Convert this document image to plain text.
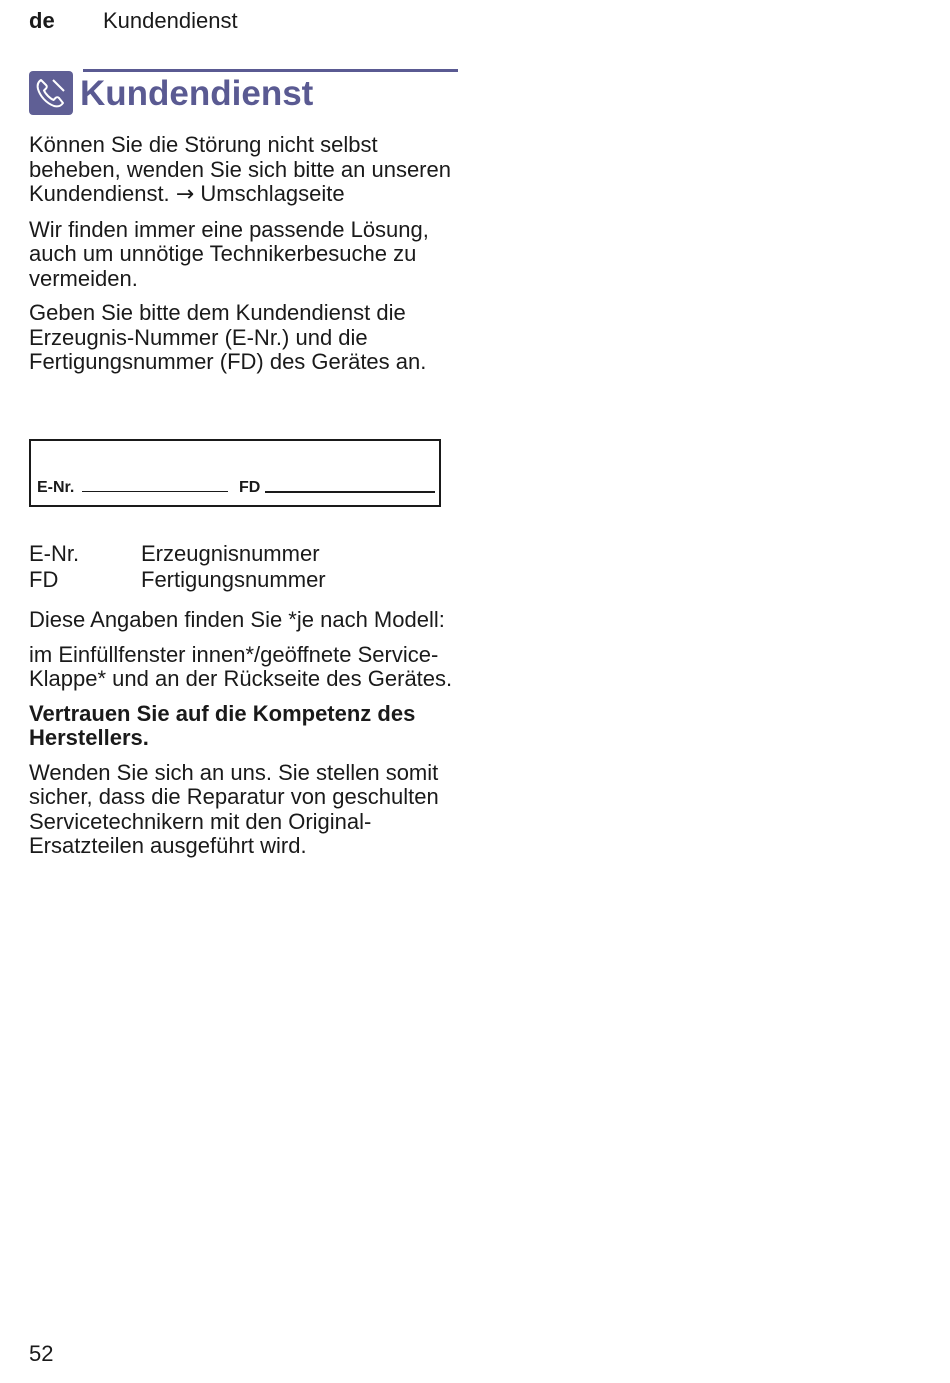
de Kundendienst
Kundendienst

Können Sie die Störung nicht selbst beheben, wenden Sie sich bitte an unseren Kundendienst. → Umschlagseite

Wir finden immer eine passende Lösung, auch um unnötige Technikerbesuche zu vermeiden.

Geben Sie bitte dem Kundendienst die Erzeugnis-Nummer (E-Nr.) und die Fertigungsnummer (FD) des Gerätes an.

E-Nr.	FD
E-Nr.	Erzeugnisnummer
FD	Fertigungsnummer

Diese Angaben finden Sie *je nach Modell:

im Einfüllfenster innen*/geöffnete Service-Klappe* und an der Rückseite des Gerätes.

Vertrauen Sie auf die Kompetenz des Herstellers.

Wenden Sie sich an uns. Sie stellen somit sicher, dass die Reparatur von geschulten Servicetechnikern mit den Original-Ersatzteilen ausgeführt wird.

52
